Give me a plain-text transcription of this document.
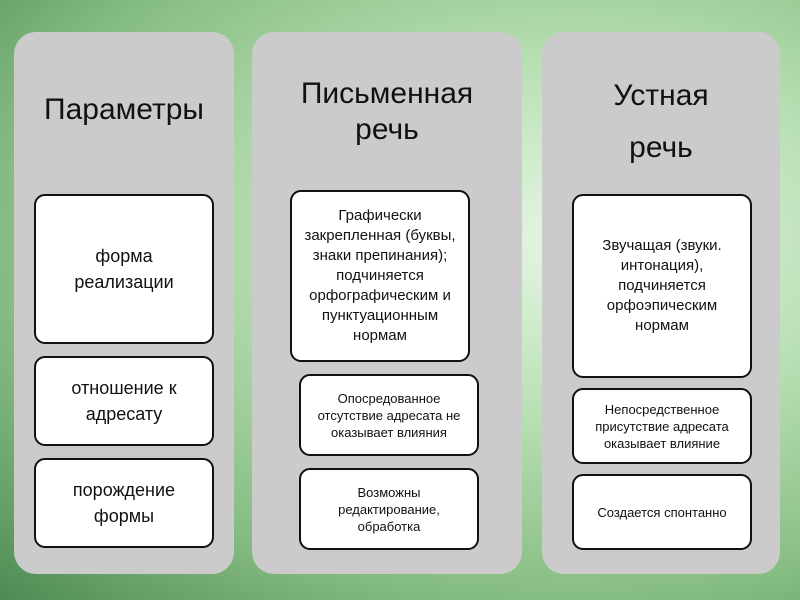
Параметры
форма реализации
отношение к адресату
порождение формы
Письменная
речь
Графически закрепленная (буквы, знаки препинания); подчиняется орфографическим и пунктуационным нормам
Опосредованное отсутствие адресата не оказывает влияния
Возможны редактирование, обработка
Устная
речь
Звучащая (звуки. интонация), подчиняется орфоэпическим нормам
Непосредственное присутствие адресата оказывает влияние
Создается спонтанно
